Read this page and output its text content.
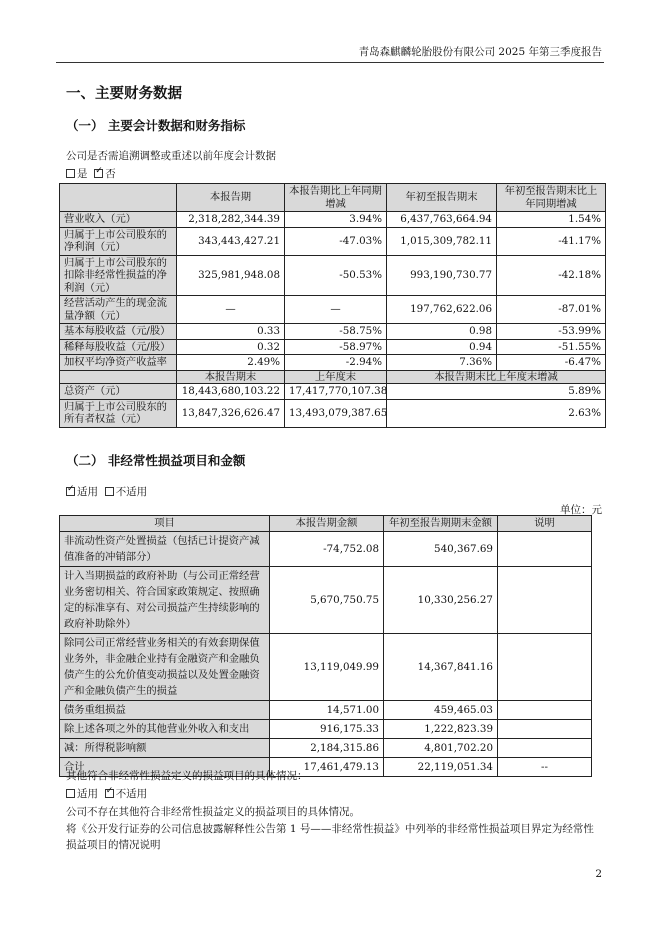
青岛森麒麟轮胎股份有限公司 2025 年第三季度报告
一、主要财务数据
（一） 主要会计数据和财务指标
公司是否需追溯调整或重述以前年度会计数据
是 ✓ 否
	本报告期	本报告期比上年同期增减	年初至报告期末	年初至报告期末比上年同期增减
营业收入（元）	2,318,282,344.39	3.94%	6,437,763,664.94	1.54%
归属于上市公司股东的净利润（元）	343,443,427.21	-47.03%	1,015,309,782.11	-41.17%
归属于上市公司股东的扣除非经常性损益的净利润（元）	325,981,948.08	-50.53%	993,190,730.77	-42.18%
经营活动产生的现金流量净额（元）	—	—	197,762,622.06	-87.01%
基本每股收益（元/股）	0.33	-58.75%	0.98	-53.99%
稀释每股收益（元/股）	0.32	-58.97%	0.94	-51.55%
加权平均净资产收益率	2.49%	-2.94%	7.36%	-6.47%
	本报告期末	上年度末	本报告期末比上年度末增减	
总资产（元）	18,443,680,103.22	17,417,770,107.38	5.89%	
归属于上市公司股东的所有者权益（元）	13,847,326,626.47	13,493,079,387.65	2.63%	
（二） 非经常性损益项目和金额
✓适用 不适用
单位：元
项目	本报告期金额	年初至报告期期末金额	说明
非流动性资产处置损益（包括已计提资产减值准备的冲销部分）	-74,752.08	540,367.69	
计入当期损益的政府补助（与公司正常经营业务密切相关、符合国家政策规定、按照确定的标准享有、对公司损益产生持续影响的政府补助除外）	5,670,750.75	10,330,256.27	
除同公司正常经营业务相关的有效套期保值业务外，非金融企业持有金融资产和金融负债产生的公允价值变动损益以及处置金融资产和金融负债产生的损益	13,119,049.99	14,367,841.16	
债务重组损益	14,571.00	459,465.03	
除上述各项之外的其他营业外收入和支出	916,175.33	1,222,823.39	
减：所得税影响额	2,184,315.86	4,801,702.20	
合计	17,461,479.13	22,119,051.34	--
其他符合非经常性损益定义的损益项目的具体情况：
适用 ✓ 不适用
公司不存在其他符合非经常性损益定义的损益项目的具体情况。
将《公开发行证券的公司信息披露解释性公告第 1 号——非经常性损益》中列举的非经常性损益项目界定为经常性损益项目的情况说明
2
